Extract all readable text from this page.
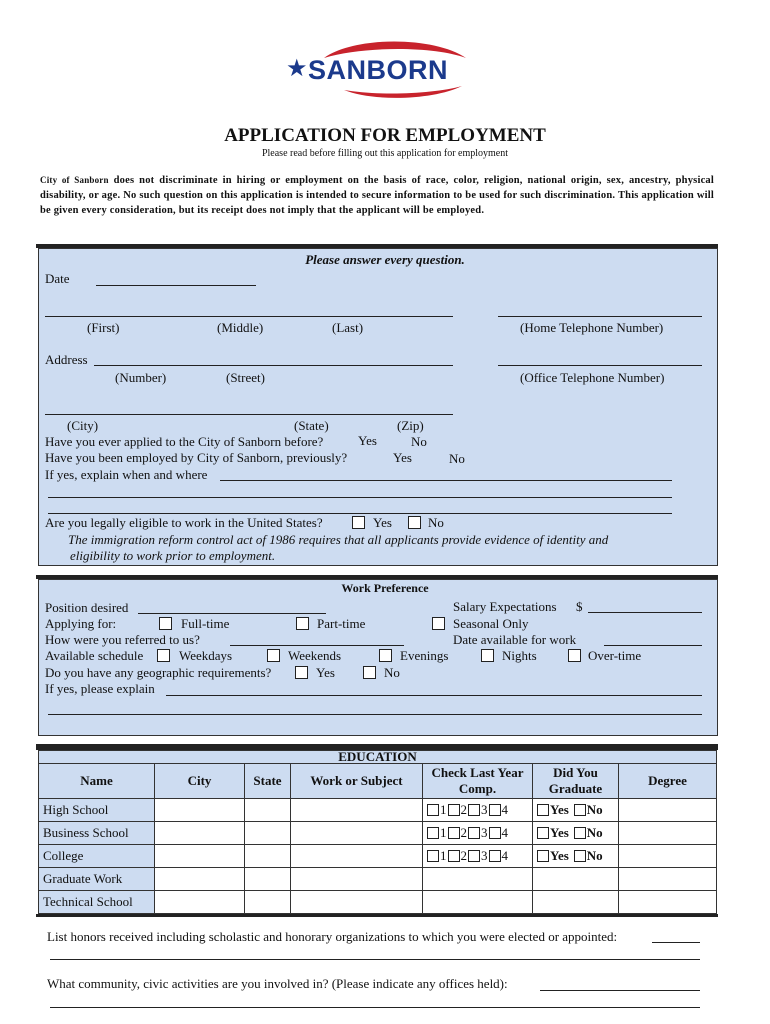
★ SANBORN
APPLICATION FOR EMPLOYMENT
Please read before filling out this application for employment
City of Sanborn does not discriminate in hiring or employment on the basis of race, color, religion, national origin, sex, ancestry, physical disability, or age. No such question on this application is intended to secure information to be used for such discrimination. This application will be given every consideration, but its receipt does not imply that the applicant will be employed.
Please answer every question.
Date
(First)	(Middle)	(Last)	(Home Telephone Number)
Address
(Number)	(Street)	(Office Telephone Number)
(City)	(State)	(Zip)
Have you ever applied to the City of Sanborn before?	Yes	No
Have you been employed by City of Sanborn, previously?	Yes	No
If yes, explain when and where
Are you legally eligible to work in the United States?	Yes	No
The immigration reform control act of 1986 requires that all applicants provide evidence of identity and
eligibility to work prior to employment.
Work Preference
Position desired	Salary Expectations $
Applying for:	Full-time	Part-time	Seasonal Only
How were you referred to us?	Date available for work
Available schedule	Weekdays	Weekends	Evenings	Nights	Over-time
Do you have any geographic requirements?	Yes	No
If yes, please explain
EDUCATION						
Name	City	State	Work or Subject	Check Last Year Comp.	Did You Graduate	Degree
High School				1 2 3 4	Yes No	
Business School				1 2 3 4	Yes No	
College				1 2 3 4	Yes No	
Graduate Work						
Technical School						
List honors received including scholastic and honorary organizations to which you were elected or appointed:
What community, civic activities are you involved in? (Please indicate any offices held):
